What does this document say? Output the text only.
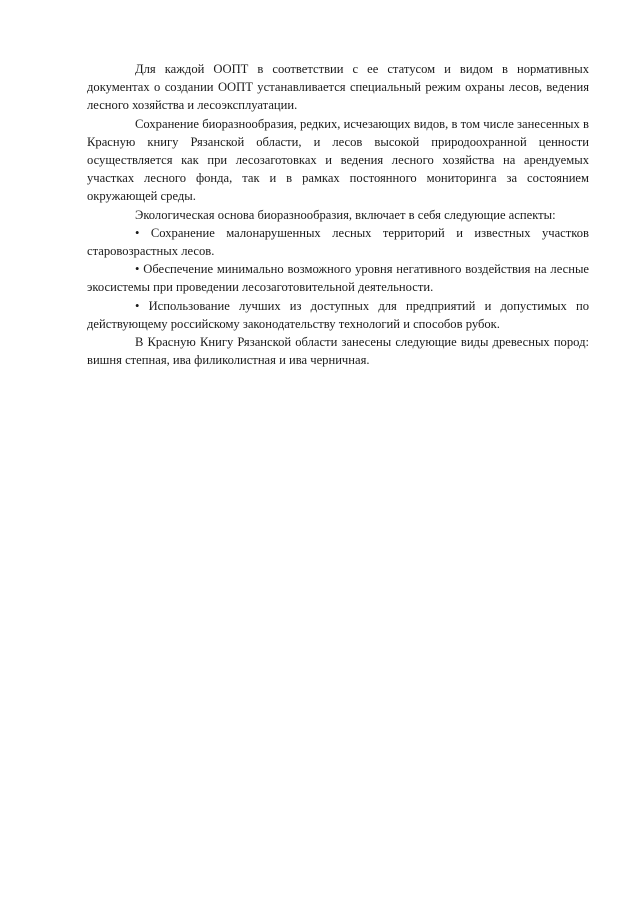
Для каждой ООПТ в соответствии с ее статусом и видом в нормативных документах о создании ООПТ устанавливается специальный режим охраны лесов, ведения лесного хозяйства и лесоэксплуатации.

Сохранение биоразнообразия, редких, исчезающих видов, в том числе занесенных в Красную книгу Рязанской области, и лесов высокой природоохранной ценности осуществляется как при лесозаготовках и ведения лесного хозяйства на арендуемых участках лесного фонда, так и в рамках постоянного мониторинга за состоянием окружающей среды.

Экологическая основа биоразнообразия, включает в себя следующие аспекты:

• Сохранение малонарушенных лесных территорий и известных участков старовозрастных лесов.

• Обеспечение минимально возможного уровня негативного воздействия на лесные экосистемы при проведении лесозаготовительной деятельности.

• Использование лучших из доступных для предприятий и допустимых по действующему российскому законодательству технологий и способов рубок.

В Красную Книгу Рязанской области занесены следующие виды древесных пород: вишня степная, ива филиколистная и ива черничная.
